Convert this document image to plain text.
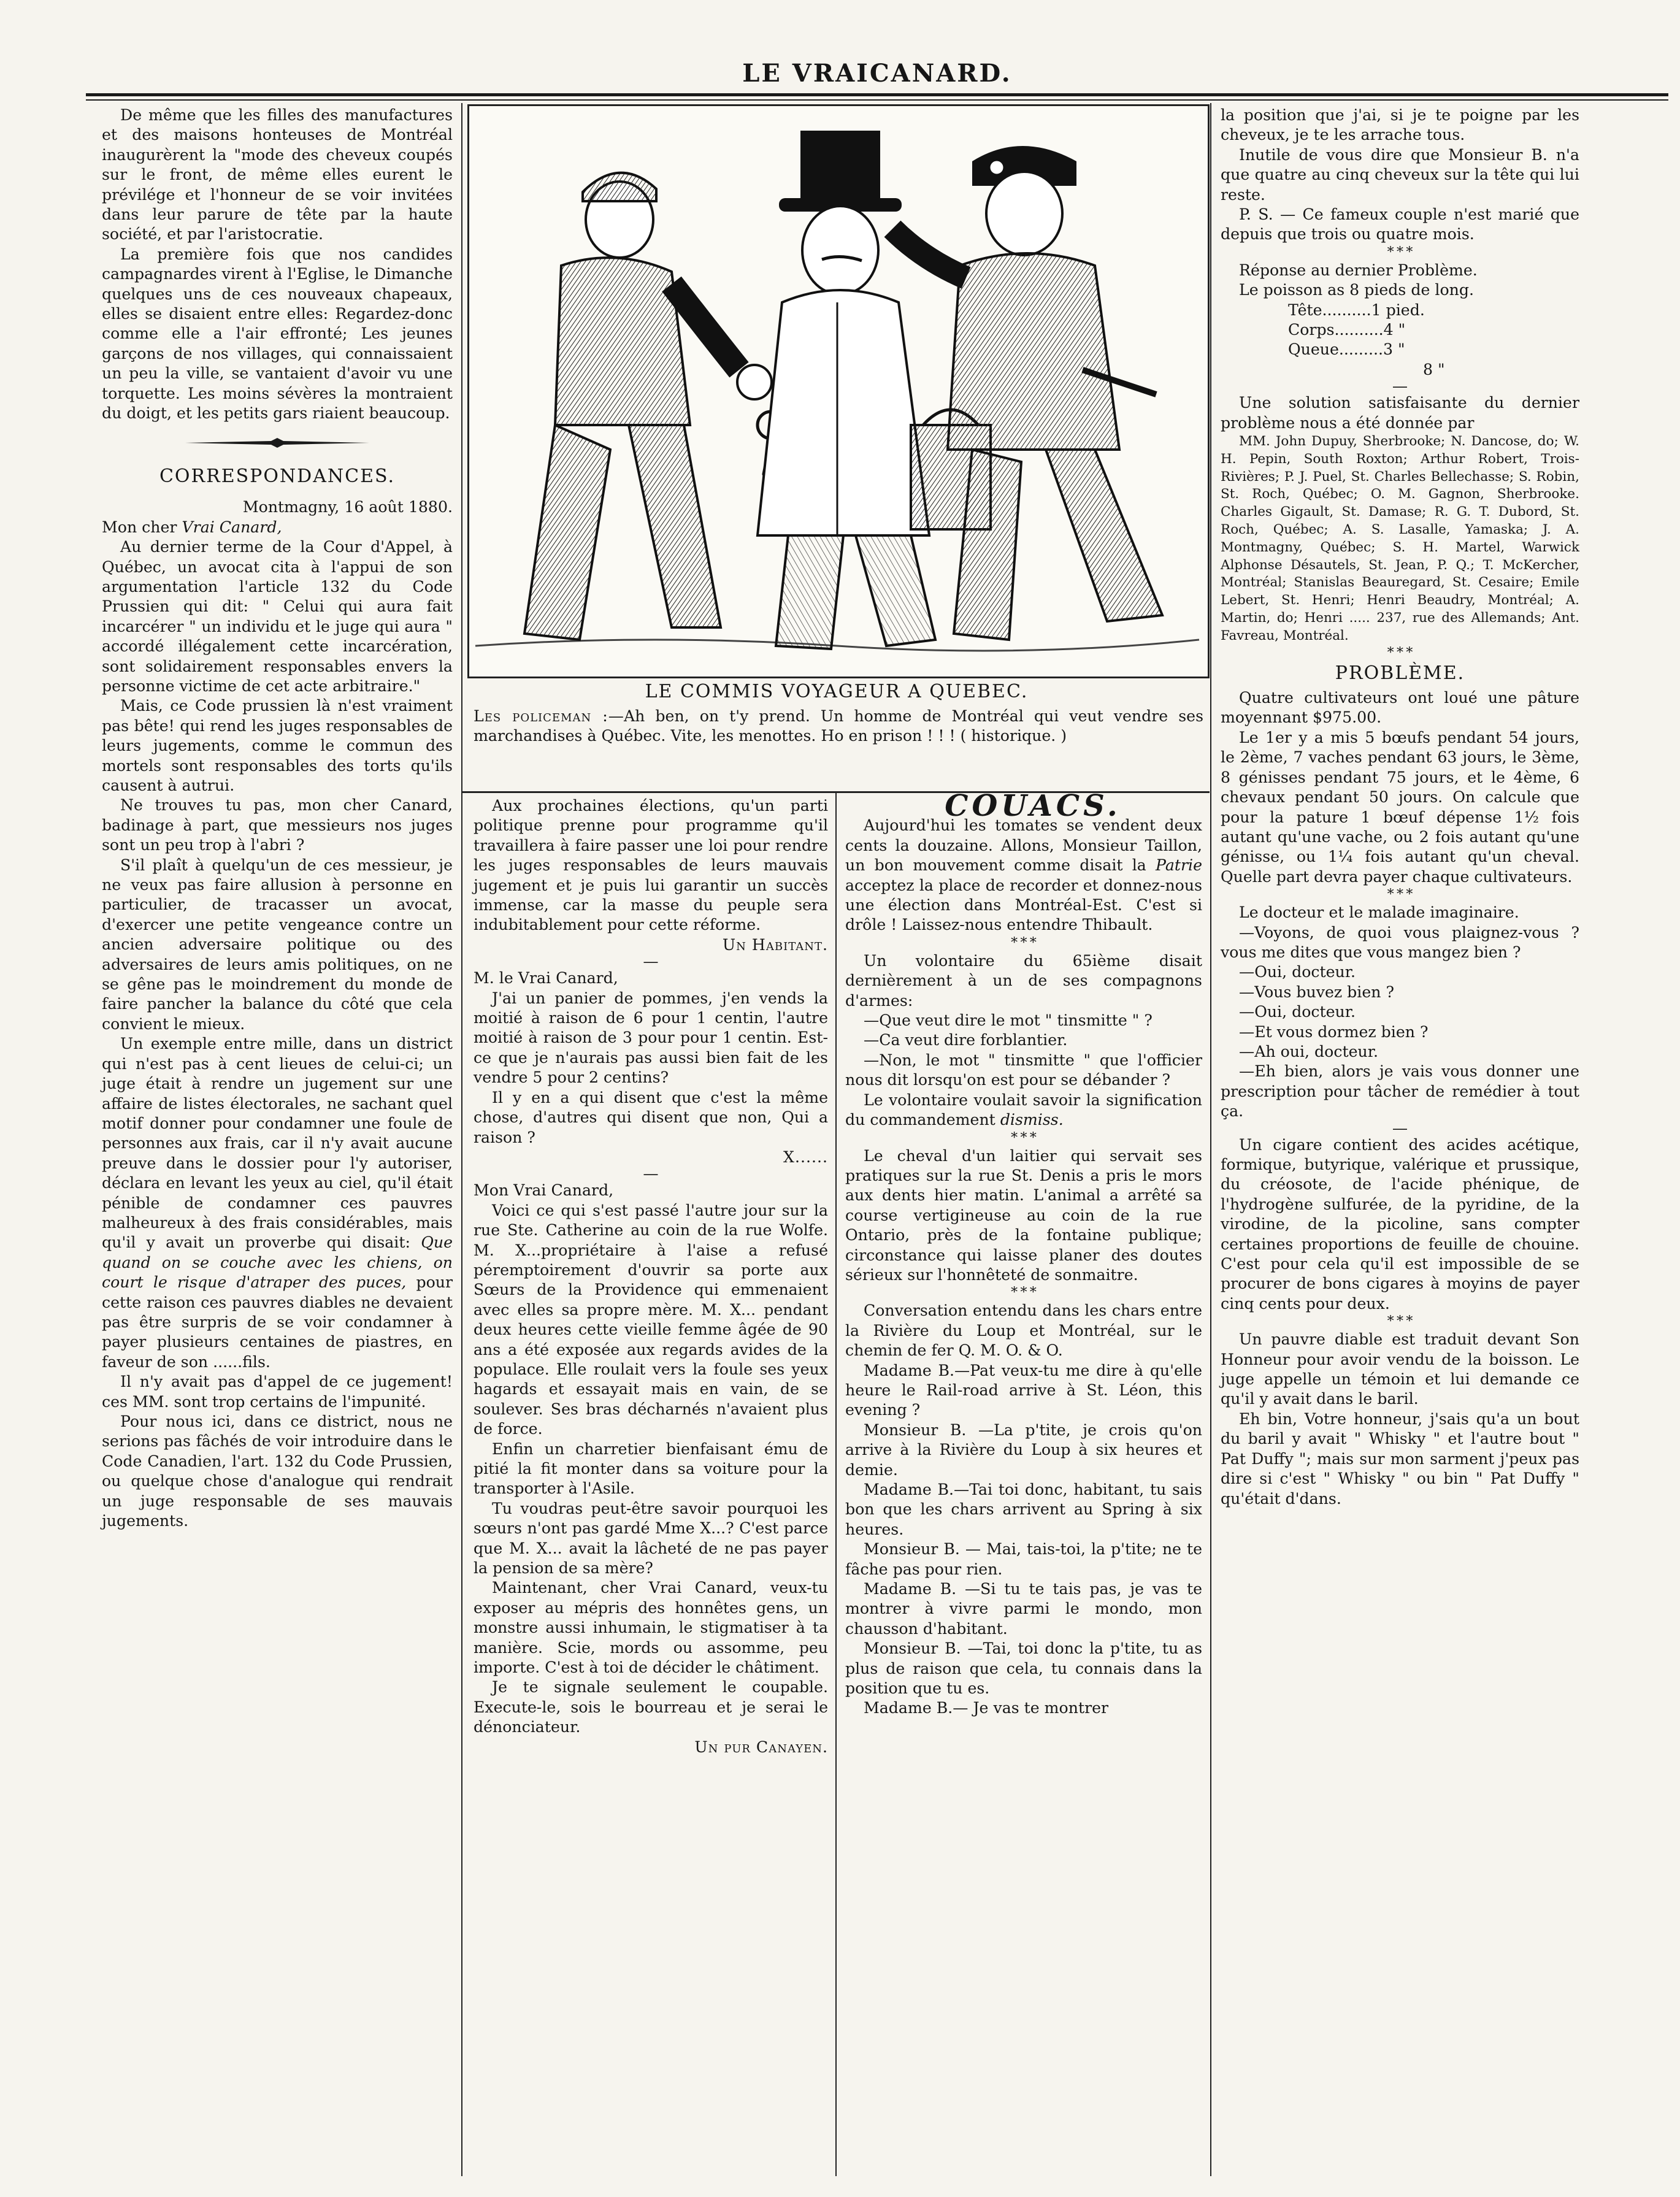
LE VRAICANARD.

De même que les filles des manufactures et des maisons honteuses de Montréal inaugurèrent la "mode des cheveux coupés sur le front, de même elles eurent le prévilége et l'honneur de se voir invitées dans leur parure de tête par la haute société, et par l'aristocratie.

La première fois que nos candides campagnardes virent à l'Eglise, le Dimanche quelques uns de ces nouveaux chapeaux, elles se disaient entre elles: Regardez-donc comme elle a l'air effronté; Les jeunes garçons de nos villages, qui connaissaient un peu la ville, se vantaient d'avoir vu une torquette. Les moins sévères la montraient du doigt, et les petits gars riaient beaucoup.

CORRESPONDANCES.

Montmagny, 16 août 1880.

Mon cher Vrai Canard,

Au dernier terme de la Cour d'Appel, à Québec, un avocat cita à l'appui de son argumentation l'article 132 du Code Prussien qui dit: " Celui qui aura fait incarcérer " un individu et le juge qui aura " accordé illégalement cette incarcération, sont solidairement responsables envers la personne victime de cet acte arbitraire."

Mais, ce Code prussien là n'est vraiment pas bête! qui rend les juges responsables de leurs jugements, comme le commun des mortels sont responsables des torts qu'ils causent à autrui.

Ne trouves tu pas, mon cher Canard, badinage à part, que messieurs nos juges sont un peu trop à l'abri ?

S'il plaît à quelqu'un de ces messieur, je ne veux pas faire allusion à personne en particulier, de tracasser un avocat, d'exercer une petite vengeance contre un ancien adversaire politique ou des adversaires de leurs amis politiques, on ne se gêne pas le moindrement du monde de faire pancher la balance du côté que cela convient le mieux.

Un exemple entre mille, dans un district qui n'est pas à cent lieues de celui-ci; un juge était à rendre un jugement sur une affaire de listes électorales, ne sachant quel motif donner pour condamner une foule de personnes aux frais, car il n'y avait aucune preuve dans le dossier pour l'y autoriser, déclara en levant les yeux au ciel, qu'il était pénible de condamner ces pauvres malheureux à des frais considérables, mais qu'il y avait un proverbe qui disait: Que quand on se couche avec les chiens, on court le risque d'atraper des puces, pour cette raison ces pauvres diables ne devaient pas être surpris de se voir condamner à payer plusieurs centaines de piastres, en faveur de son ......fils.

Il n'y avait pas d'appel de ce jugement! ces MM. sont trop certains de l'impunité.

Pour nous ici, dans ce district, nous ne serions pas fâchés de voir introduire dans le Code Canadien, l'art. 132 du Code Prussien, ou quelque chose d'analogue qui rendrait un juge responsable de ses mauvais jugements.

LE COMMIS VOYAGEUR A QUEBEC.
Les policeman :—Ah ben, on t'y prend. Un homme de Montréal qui veut vendre ses marchandises à Québec. Vite, les menottes. Ho en prison ! ! ! ( historique. )

Aux prochaines élections, qu'un parti politique prenne pour programme qu'il travaillera à faire passer une loi pour rendre les juges responsables de leurs mauvais jugement et je puis lui garantir un succès immense, car la masse du peuple sera indubitablement pour cette réforme.

Un Habitant.

—

M. le Vrai Canard,

J'ai un panier de pommes, j'en vends la moitié à raison de 6 pour 1 centin, l'autre moitié à raison de 3 pour pour 1 centin. Est-ce que je n'aurais pas aussi bien fait de les vendre 5 pour 2 centins?

Il y en a qui disent que c'est la même chose, d'autres qui disent que non, Qui a raison ?

X......

—

Mon Vrai Canard,

Voici ce qui s'est passé l'autre jour sur la rue Ste. Catherine au coin de la rue Wolfe. M. X...propriétaire à l'aise a refusé péremptoirement d'ouvrir sa porte aux Sœurs de la Providence qui emmenaient avec elles sa propre mère. M. X... pendant deux heures cette vieille femme âgée de 90 ans a été exposée aux regards avides de la populace. Elle roulait vers la foule ses yeux hagards et essayait mais en vain, de se soulever. Ses bras décharnés n'avaient plus de force.

Enfin un charretier bienfaisant ému de pitié la fit monter dans sa voiture pour la transporter à l'Asile.

Tu voudras peut-être savoir pourquoi les sœurs n'ont pas gardé Mme X...? C'est parce que M. X... avait la lâcheté de ne pas payer la pension de sa mère?

Maintenant, cher Vrai Canard, veux-tu exposer au mépris des honnêtes gens, un monstre aussi inhumain, le stigmatiser à ta manière. Scie, mords ou assomme, peu importe. C'est à toi de décider le châtiment.

Je te signale seulement le coupable. Execute-le, sois le bourreau et je serai le dénonciateur.

Un pur Canayen.

COUACS.

Aujourd'hui les tomates se vendent deux cents la douzaine. Allons, Monsieur Taillon, un bon mouvement comme disait la Patrie acceptez la place de recorder et donnez-nous une élection dans Montréal-Est. C'est si drôle ! Laissez-nous entendre Thibault.

* * *

Un volontaire du 65ième disait dernièrement à un de ses compagnons d'armes:

—Que veut dire le mot " tinsmitte " ?

—Ca veut dire forblantier.

—Non, le mot " tinsmitte " que l'officier nous dit lorsqu'on est pour se débander ?

Le volontaire voulait savoir la signification du commandement dismiss.

* * *

Le cheval d'un laitier qui servait ses pratiques sur la rue St. Denis a pris le mors aux dents hier matin. L'animal a arrêté sa course vertigineuse au coin de la rue Ontario, près de la fontaine publique; circonstance qui laisse planer des doutes sérieux sur l'honnêteté de sonmaitre.

* * *

Conversation entendu dans les chars entre la Rivière du Loup et Montréal, sur le chemin de fer Q. M. O. & O.

Madame B.—Pat veux-tu me dire à qu'elle heure le Rail-road arrive à St. Léon, this evening ?

Monsieur B. —La p'tite, je crois qu'on arrive à la Rivière du Loup à six heures et demie.

Madame B.—Tai toi donc, habitant, tu sais bon que les chars arrivent au Spring à six heures.

Monsieur B. — Mai, tais-toi, la p'tite; ne te fâche pas pour rien.

Madame B. —Si tu te tais pas, je vas te montrer à vivre parmi le mondo, mon chausson d'habitant.

Monsieur B. —Tai, toi donc la p'tite, tu as plus de raison que cela, tu connais dans la position que tu es.

Madame B.— Je vas te montrer

la position que j'ai, si je te poigne par les cheveux, je te les arrache tous.

Inutile de vous dire que Monsieur B. n'a que quatre au cinq cheveux sur la tête qui lui reste.

P. S. — Ce fameux couple n'est marié que depuis que trois ou quatre mois.

* * *

Réponse au dernier Problème.

Le poisson as 8 pieds de long.

Tête..........1 pied.

Corps..........4 "

Queue.........3 "

8 "

—

Une solution satisfaisante du dernier problème nous a été donnée par

MM. John Dupuy, Sherbrooke; N. Dancose, do; W. H. Pepin, South Roxton; Arthur Robert, Trois-Rivières; P. J. Puel, St. Charles Bellechasse; S. Robin, St. Roch, Québec; O. M. Gagnon, Sherbrooke. Charles Gigault, St. Damase; R. G. T. Dubord, St. Roch, Québec; A. S. Lasalle, Yamaska; J. A. Montmagny, Québec; S. H. Martel, Warwick Alphonse Désautels, St. Jean, P. Q.; T. McKercher, Montréal; Stanislas Beauregard, St. Cesaire; Emile Lebert, St. Henri; Henri Beaudry, Montréal; A. Martin, do; Henri ..... 237, rue des Allemands; Ant. Favreau, Montréal.

* * *

PROBLÈME.

Quatre cultivateurs ont loué une pâture moyennant $975.00.

Le 1er y a mis 5 bœufs pendant 54 jours, le 2ème, 7 vaches pendant 63 jours, le 3ème, 8 génisses pendant 75 jours, et le 4ème, 6 chevaux pendant 50 jours. On calcule que pour la pature 1 bœuf dépense 1½ fois autant qu'une vache, ou 2 fois autant qu'une génisse, ou 1¼ fois autant qu'un cheval. Quelle part devra payer chaque cultivateurs.

* * *

Le docteur et le malade imaginaire.

—Voyons, de quoi vous plaignez-vous ? vous me dites que vous mangez bien ?

—Oui, docteur.

—Vous buvez bien ?

—Oui, docteur.

—Et vous dormez bien ?

—Ah oui, docteur.

—Eh bien, alors je vais vous donner une prescription pour tâcher de remédier à tout ça.

—

Un cigare contient des acides acétique, formique, butyrique, valérique et prussique, du créosote, de l'acide phénique, de l'hydrogène sulfurée, de la pyridine, de la virodine, de la picoline, sans compter certaines proportions de feuille de chouine. C'est pour cela qu'il est impossible de se procurer de bons cigares à moyins de payer cinq cents pour deux.

* * *

Un pauvre diable est traduit devant Son Honneur pour avoir vendu de la boisson. Le juge appelle un témoin et lui demande ce qu'il y avait dans le baril.

Eh bin, Votre honneur, j'sais qu'a un bout du baril y avait " Whisky " et l'autre bout " Pat Duffy "; mais sur mon sarment j'peux pas dire si c'est " Whisky " ou bin " Pat Duffy " qu'était d'dans.
